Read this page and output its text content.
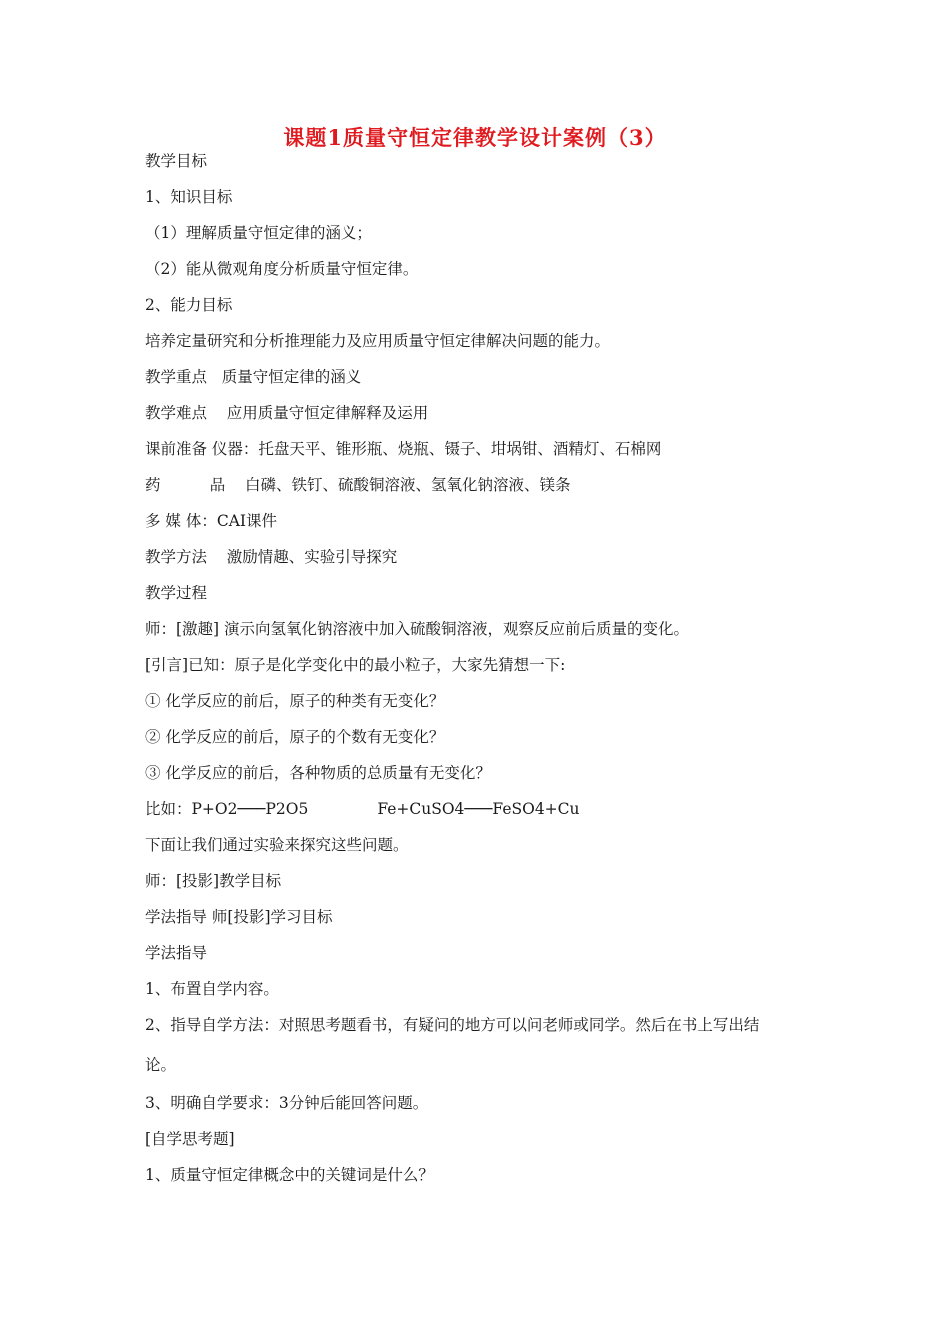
课题1质量守恒定律教学设计案例（3）
教学目标
1、知识目标
（1）理解质量守恒定律的涵义；
（2）能从微观角度分析质量守恒定律。
2、能力目标
培养定量研究和分析推理能力及应用质量守恒定律解决问题的能力。
教学重点   质量守恒定律的涵义
教学难点    应用质量守恒定律解释及运用
课前准备 仪器：托盘天平、锥形瓶、烧瓶、镊子、坩埚钳、酒精灯、石棉网
药          品    白磷、铁钉、硫酸铜溶液、氢氧化钠溶液、镁条
多 媒 体：CAI课件
教学方法    激励情趣、实验引导探究
教学过程
师：[激趣] 演示向氢氧化钠溶液中加入硫酸铜溶液，观察反应前后质量的变化。
[引言]已知：原子是化学变化中的最小粒子，大家先猜想一下:
① 化学反应的前后，原子的种类有无变化？
② 化学反应的前后，原子的个数有无变化？
③ 化学反应的前后，各种物质的总质量有无变化？
比如：P+O2───P2O5              Fe+CuSO4───FeSO4+Cu
下面让我们通过实验来探究这些问题。
师：[投影]教学目标
学法指导 师[投影]学习目标
学法指导
1、布置自学内容。
2、指导自学方法：对照思考题看书，有疑问的地方可以问老师或同学。然后在书上写出结
论。
3、明确自学要求：3分钟后能回答问题。
[自学思考题]
1、质量守恒定律概念中的关键词是什么？
